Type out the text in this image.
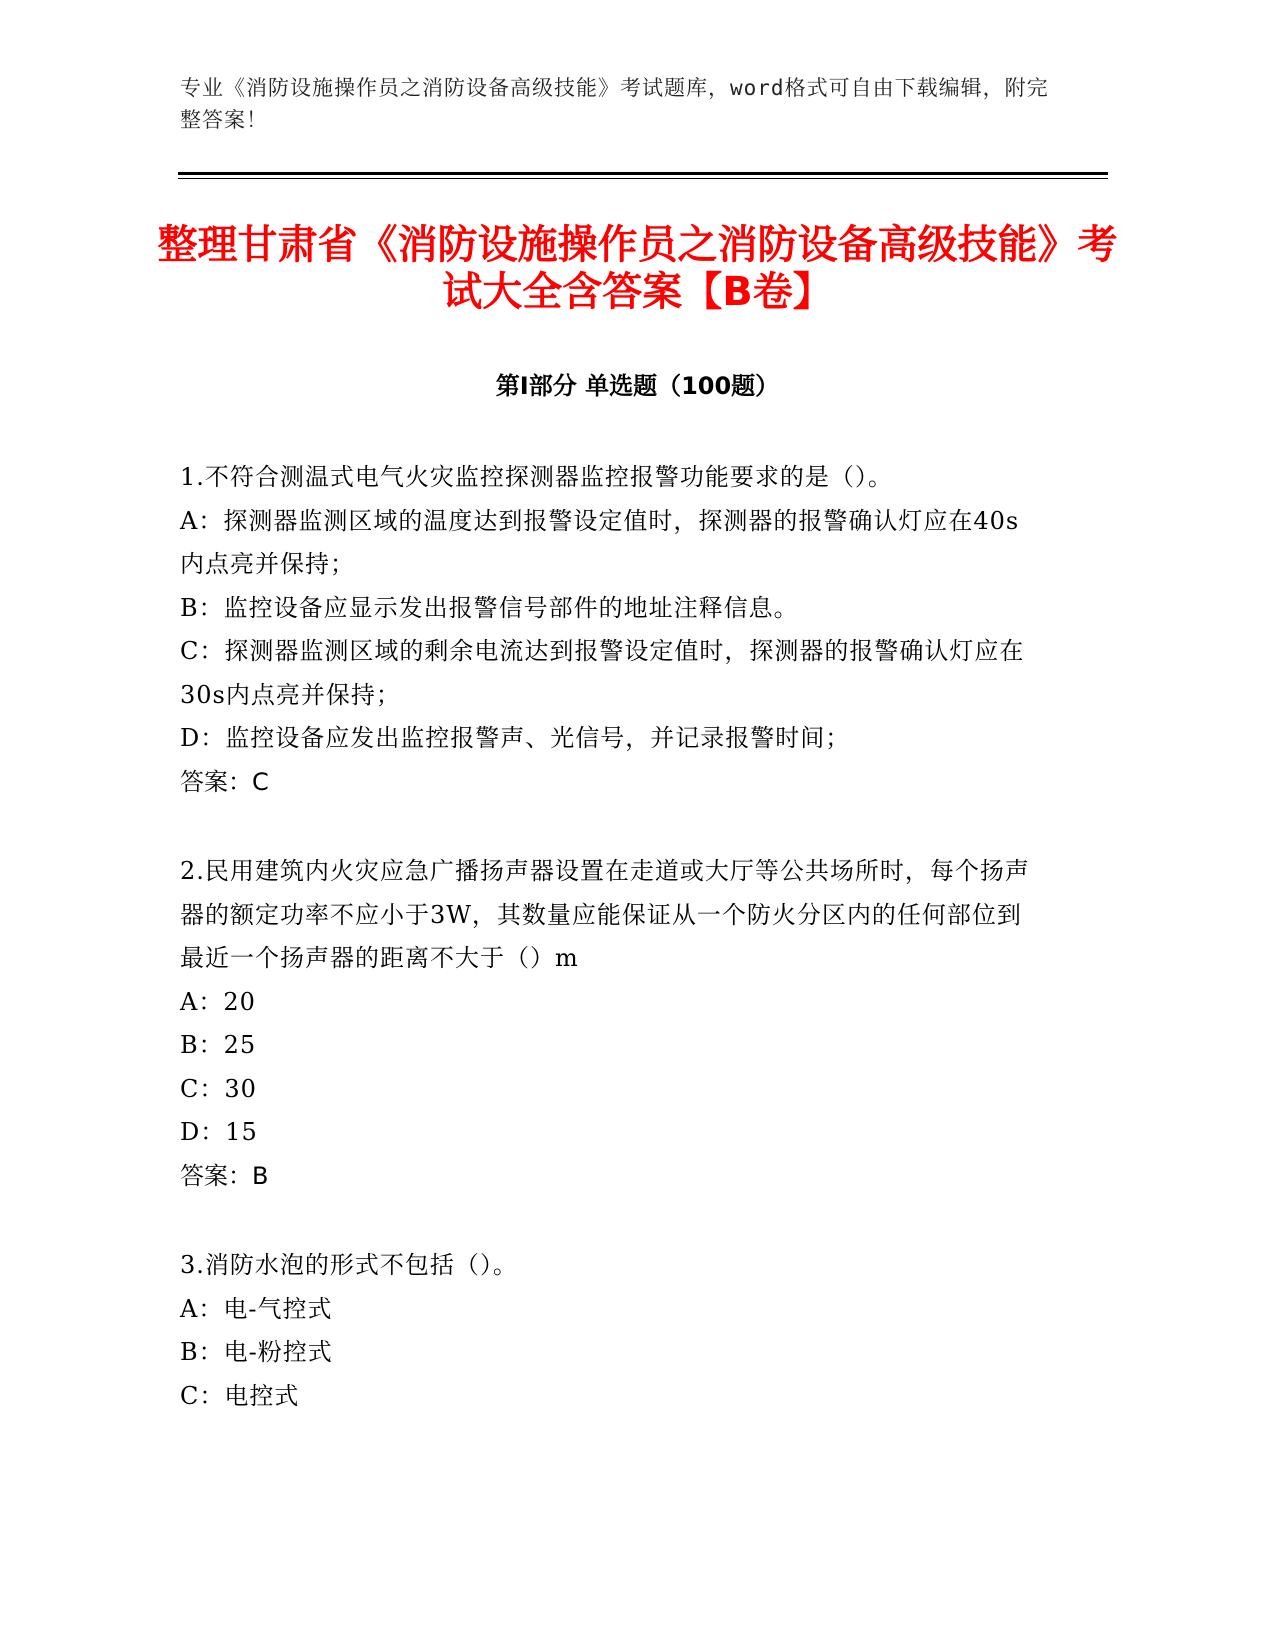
专业《消防设施操作员之消防设备高级技能》考试题库，word格式可自由下载编辑，附完整答案！
整理甘肃省《消防设施操作员之消防设备高级技能》考试大全含答案【B卷】
第I部分 单选题（100题）

1.不符合测温式电气火灾监控探测器监控报警功能要求的是（）。

A：探测器监测区域的温度达到报警设定值时，探测器的报警确认灯应在40s内点亮并保持；

B：监控设备应显示发出报警信号部件的地址注释信息。

C：探测器监测区域的剩余电流达到报警设定值时，探测器的报警确认灯应在30s内点亮并保持；

D：监控设备应发出监控报警声、光信号，并记录报警时间；

答案：C

2.民用建筑内火灾应急广播扬声器设置在走道或大厅等公共场所时，每个扬声器的额定功率不应小于3W，其数量应能保证从一个防火分区内的任何部位到最近一个扬声器的距离不大于（）m

A：20

B：25

C：30

D：15

答案：B

3.消防水泡的形式不包括（）。

A：电-气控式

B：电-粉控式

C：电控式
